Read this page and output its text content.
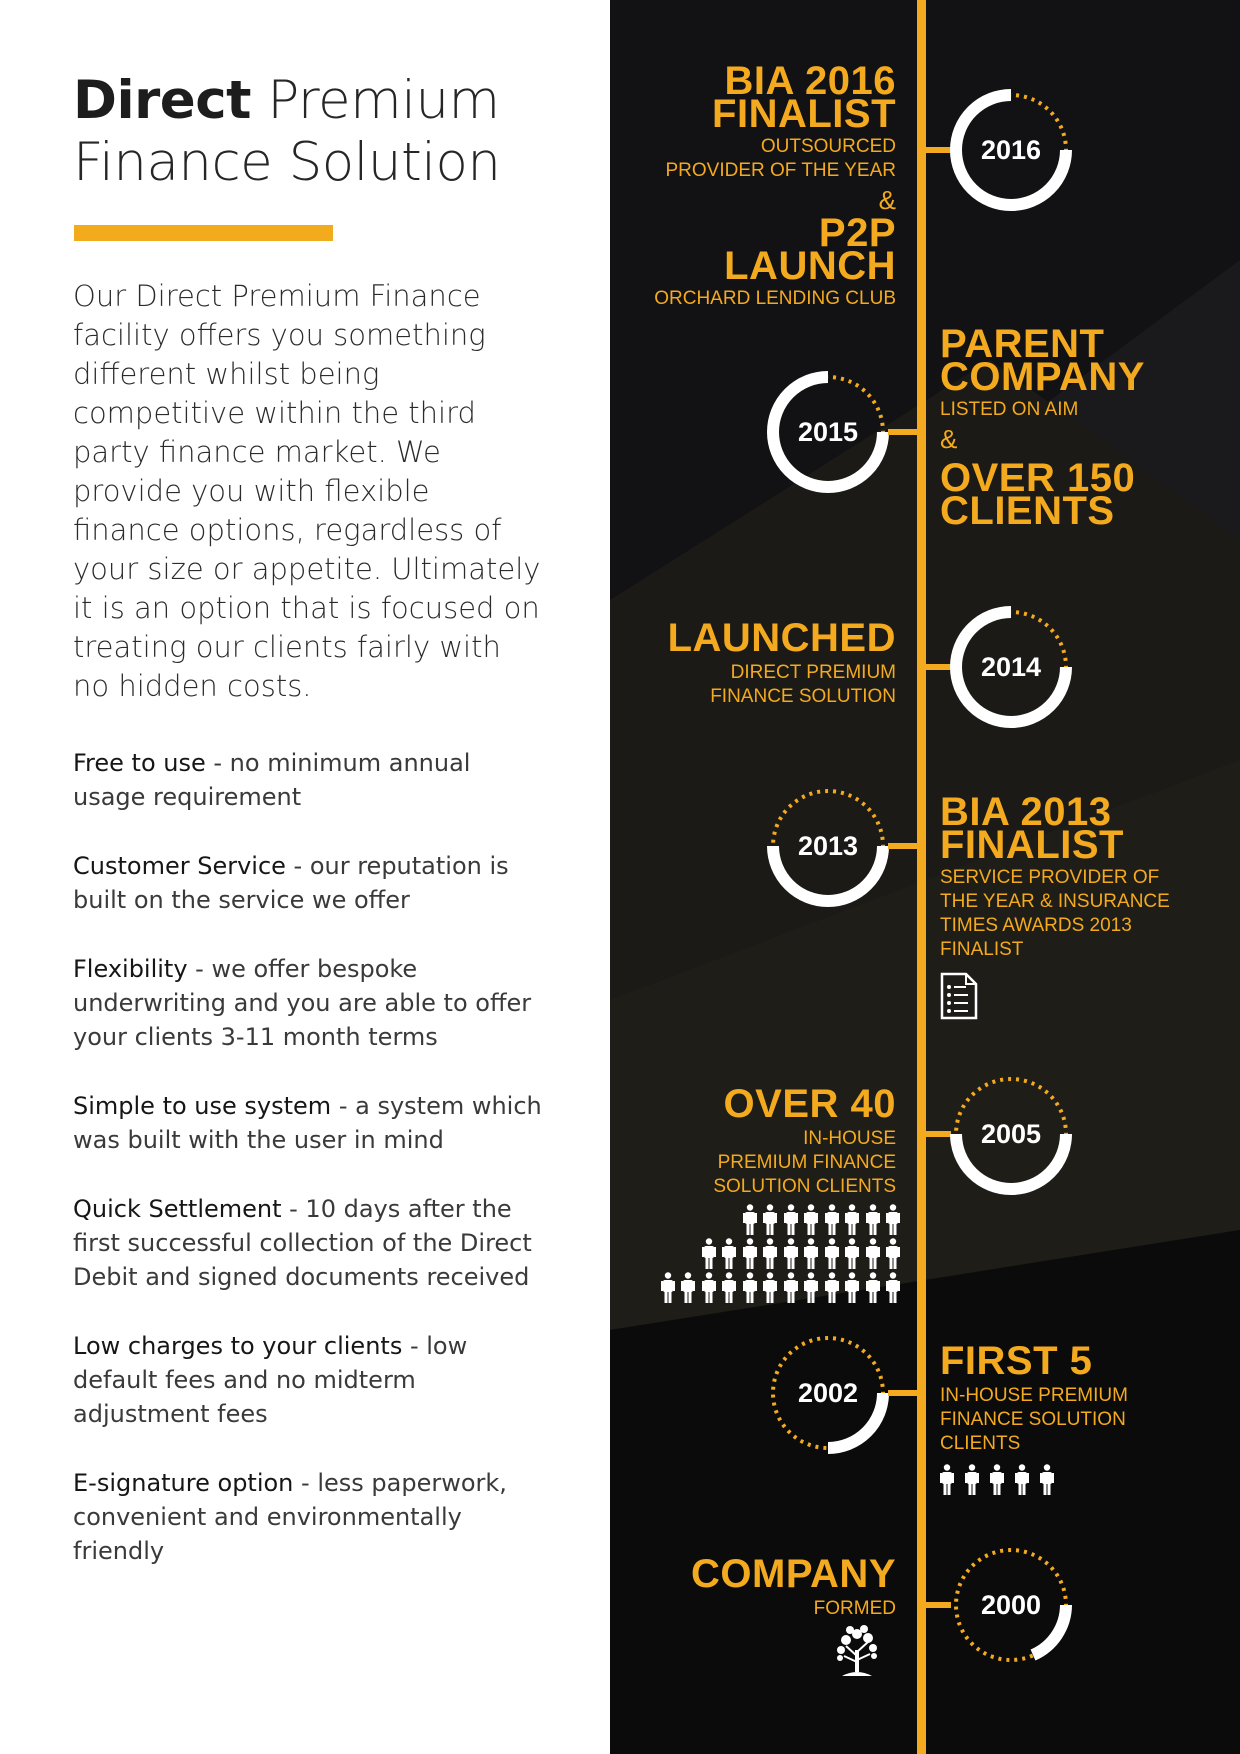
Direct Premium
Finance Solution

Our Direct Premium Finance facility offers you something different whilst being competitive within the third party finance market. We provide you with flexible finance options, regardless of your size or appetite. Ultimately it is an option that is focused on treating our clients fairly with no hidden costs.

Free to use - no minimum annual usage requirement

Customer Service - our reputation is built on the service we offer

Flexibility - we offer bespoke underwriting and you are able to offer your clients 3-11 month terms

Simple to use system - a system which was built with the user in mind

Quick Settlement - 10 days after the first successful collection of the Direct Debit and signed documents received

Low charges to your clients - low default fees and no midterm adjustment fees

E-signature option - less paperwork, convenient and environmentally friendly

BIA 2016
FINALIST
OUTSOURCED
PROVIDER OF THE YEAR
&
P2P
LAUNCH
ORCHARD LENDING CLUB
2016
2015
PARENT
COMPANY
LISTED ON AIM
&
OVER 150
CLIENTS
LAUNCHED
DIRECT PREMIUM
FINANCE SOLUTION
2014
2013
BIA 2013
FINALIST
SERVICE PROVIDER OF
THE YEAR & INSURANCE
TIMES AWARDS 2013
FINALIST
OVER 40
IN-HOUSE
PREMIUM FINANCE
SOLUTION CLIENTS
2005
2002
FIRST 5
IN-HOUSE PREMIUM
FINANCE SOLUTION
CLIENTS
COMPANY
FORMED	2000
